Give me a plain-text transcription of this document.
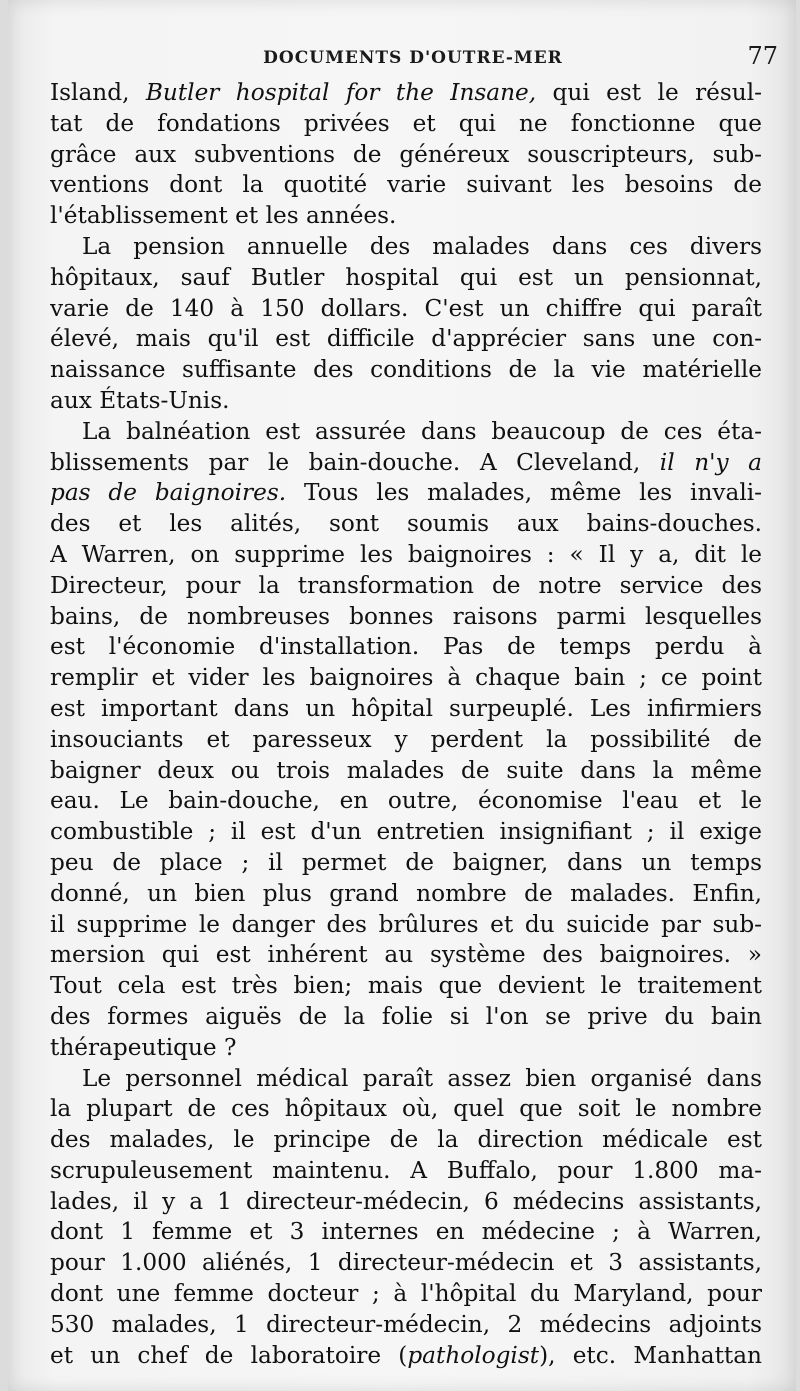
DOCUMENTS D'OUTRE-MER	77
Island, Butler hospital for the Insane, qui est le résul-
tat de fondations privées et qui ne fonctionne que
grâce aux subventions de généreux souscripteurs, sub-
ventions dont la quotité varie suivant les besoins de
l'établissement et les années.
La pension annuelle des malades dans ces divers
hôpitaux, sauf Butler hospital qui est un pensionnat,
varie de 140 à 150 dollars. C'est un chiffre qui paraît
élevé, mais qu'il est difficile d'apprécier sans une con-
naissance suffisante des conditions de la vie matérielle
aux États-Unis.
La balnéation est assurée dans beaucoup de ces éta-
blissements par le bain-douche. A Cleveland, il n'y a
pas de baignoires. Tous les malades, même les invali-
des et les alités, sont soumis aux bains-douches.
A Warren, on supprime les baignoires : « Il y a, dit le
Directeur, pour la transformation de notre service des
bains, de nombreuses bonnes raisons parmi lesquelles
est l'économie d'installation. Pas de temps perdu à
remplir et vider les baignoires à chaque bain ; ce point
est important dans un hôpital surpeuplé. Les infirmiers
insouciants et paresseux y perdent la possibilité de
baigner deux ou trois malades de suite dans la même
eau. Le bain-douche, en outre, économise l'eau et le
combustible ; il est d'un entretien insignifiant ; il exige
peu de place ; il permet de baigner, dans un temps
donné, un bien plus grand nombre de malades. Enfin,
il supprime le danger des brûlures et du suicide par sub-
mersion qui est inhérent au système des baignoires. »
Tout cela est très bien; mais que devient le traitement
des formes aiguës de la folie si l'on se prive du bain
thérapeutique ?
Le personnel médical paraît assez bien organisé dans
la plupart de ces hôpitaux où, quel que soit le nombre
des malades, le principe de la direction médicale est
scrupuleusement maintenu. A Buffalo, pour 1.800 ma-
lades, il y a 1 directeur-médecin, 6 médecins assistants,
dont 1 femme et 3 internes en médecine ; à Warren,
pour 1.000 aliénés, 1 directeur-médecin et 3 assistants,
dont une femme docteur ; à l'hôpital du Maryland, pour
530 malades, 1 directeur-médecin, 2 médecins adjoints
et un chef de laboratoire (pathologist), etc. Manhattan
